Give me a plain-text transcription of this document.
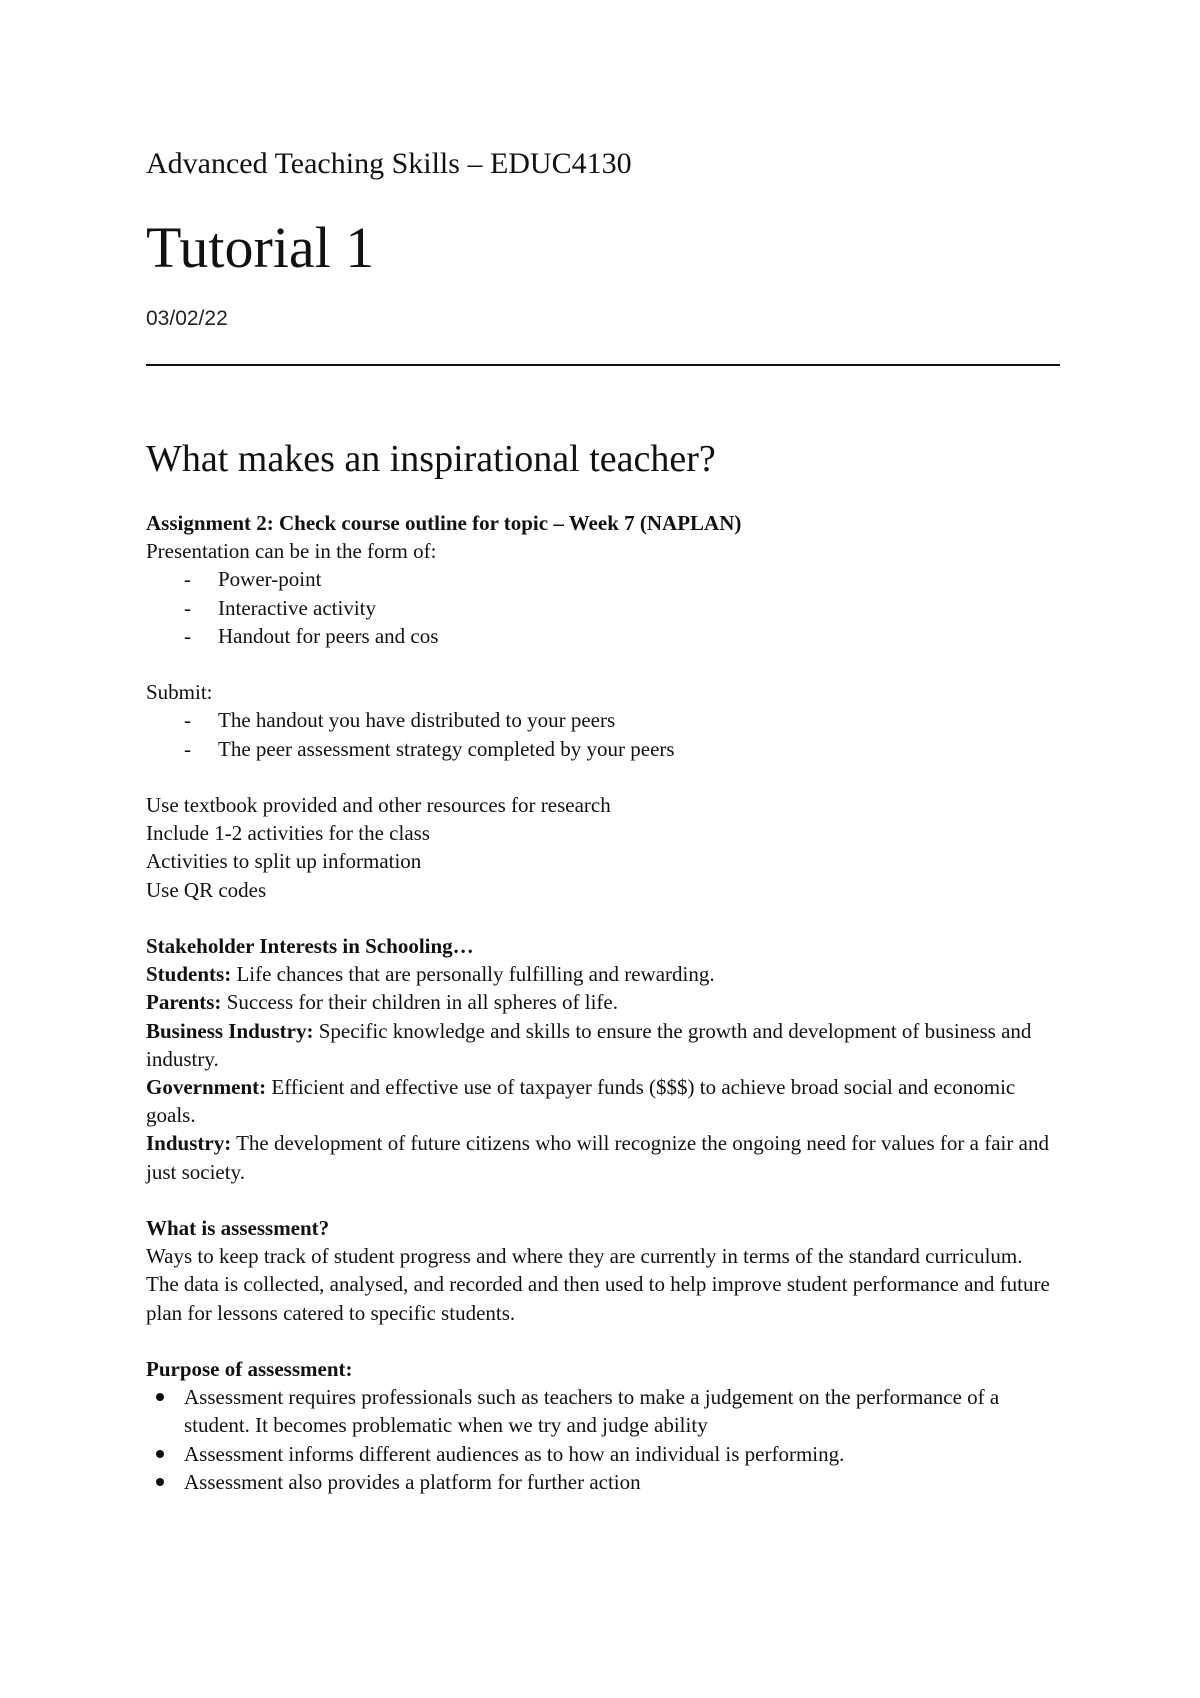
Advanced Teaching Skills – EDUC4130
Tutorial 1
03/02/22
What makes an inspirational teacher?

Assignment 2: Check course outline for topic – Week 7 (NAPLAN)

Presentation can be in the form of:

- Power-point
- Interactive activity
- Handout for peers and cos

Submit:

- The handout you have distributed to your peers
- The peer assessment strategy completed by your peers

Use textbook provided and other resources for research

Include 1-2 activities for the class

Activities to split up information

Use QR codes

Stakeholder Interests in Schooling…

Students: Life chances that are personally fulfilling and rewarding.

Parents: Success for their children in all spheres of life.

Business Industry: Specific knowledge and skills to ensure the growth and development of business and industry.

Government: Efficient and effective use of taxpayer funds ($$$) to achieve broad social and economic goals.

Industry: The development of future citizens who will recognize the ongoing need for values for a fair and just society.

What is assessment?

Ways to keep track of student progress and where they are currently in terms of the standard curriculum. The data is collected, analysed, and recorded and then used to help improve student performance and future plan for lessons catered to specific students.

Purpose of assessment:

Assessment requires professionals such as teachers to make a judgement on the performance of a student. It becomes problematic when we try and judge ability
Assessment informs different audiences as to how an individual is performing.
Assessment also provides a platform for further action
